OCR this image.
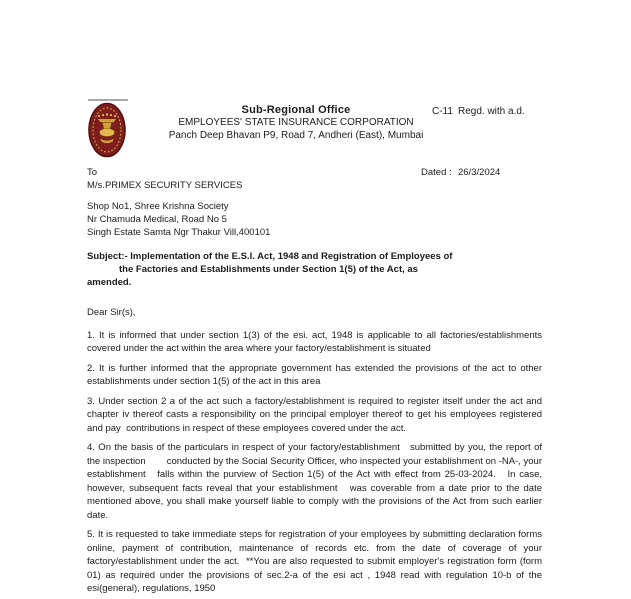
Sub-Regional Office
EMPLOYEES' STATE INSURANCE CORPORATION
Panch Deep Bhavan P9, Road 7, Andheri (East), Mumbai
C-11 Regd. with a.d.
To	Dated : 26/3/2024
M/s.PRIMEX SECURITY SERVICES
Shop No1, Shree Krishna Society
Nr Chamuda Medical, Road No 5
Singh Estate Samta Ngr Thakur Vill,400101
Subject:- Implementation of the E.S.I. Act, 1948 and Registration of Employees of
the Factories and Establishments under Section 1(5) of the Act, as
amended.
Dear Sir(s),
1. It is informed that under section 1(3) of the esi. act, 1948 is applicable to all factories/establishments covered under the act within the area where your factory/establishment is situated
2. It is further informed that the appropriate government has extended the provisions of the act to other establishments under section 1(5) of the act in this area
3. Under section 2 a of the act such a factory/establishment is required to register itself under the act and chapter iv thereof casts a responsibility on the principal employer thereof to get his employees registered and pay  contributions in respect of these employees covered under the act.
4. On the basis of the particulars in respect of your factory/establishment   submitted by you, the report of the inspection        conducted by the Social Security Officer, who inspected your establishment on -NA-, your establishment   falls within the purview of Section 1(5) of the Act with effect from 25-03-2024.   In case, however, subsequent facts reveal that your establishment   was coverable from a date prior to the date mentioned above, you shall make yourself liable to comply with the provisions of the Act from such earlier date.
5. It is requested to take immediate steps for registration of your employees by submitting declaration forms online, payment of contribution, maintenance of records etc. from the date of coverage of your factory/establishment under the act.  **You are also requested to submit employer's registration form (form 01) as required under the provisions of sec.2-a of the esi act , 1948 read with regulation 10-b of the esi(general), regulations, 1950
